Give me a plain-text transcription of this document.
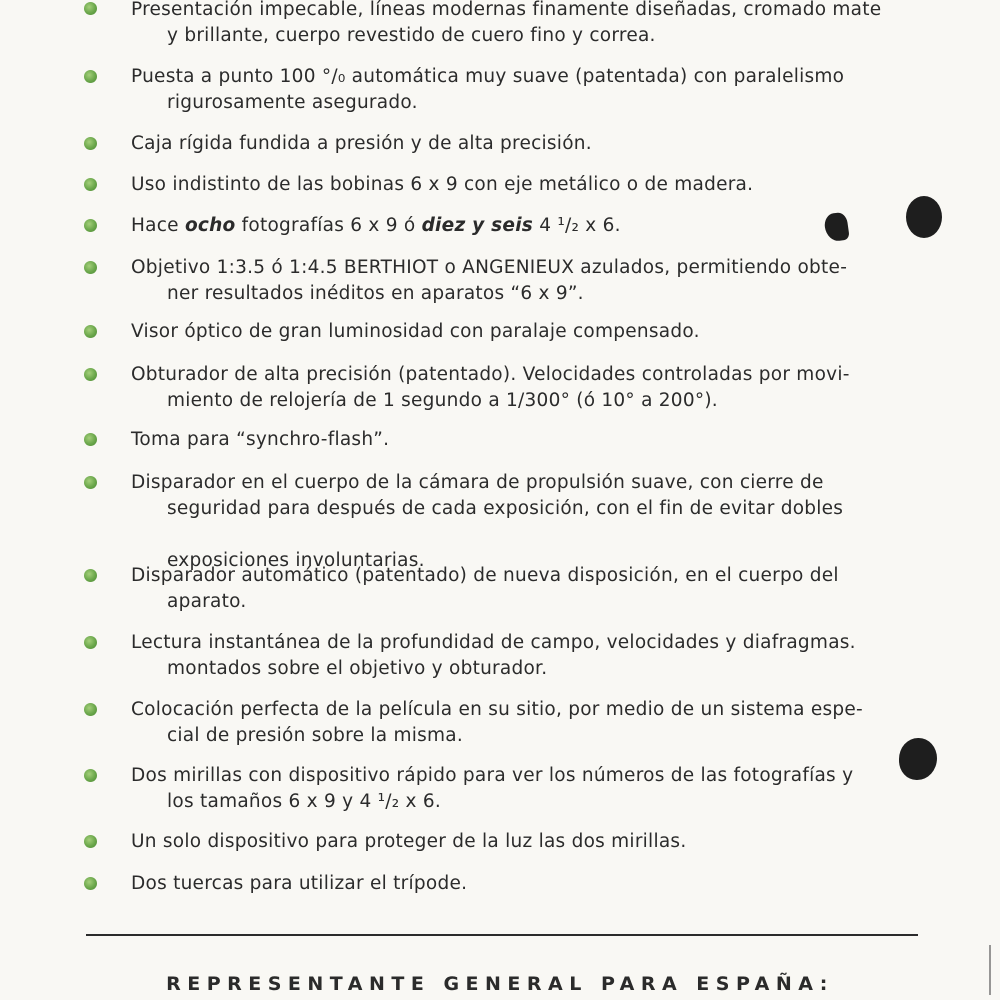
Presentación impecable, líneas modernas finamente diseñadas, cromado mate

y brillante, cuerpo revestido de cuero fino y correa.
Puesta a punto 100 °/₀ automática muy suave (patentada) con paralelismo

rigurosamente asegurado.
Caja rígida fundida a presión y de alta precisión.
Uso indistinto de las bobinas 6 x 9 con eje metálico o de madera.
Hace ocho fotografías 6 x 9 ó diez y seis 4 ¹/₂ x 6.
Objetivo 1:3.5 ó 1:4.5 BERTHIOT o ANGENIEUX azulados, permitiendo obte-

ner resultados inéditos en aparatos “6 x 9”.
Visor óptico de gran luminosidad con paralaje compensado.
Obturador de alta precisión (patentado). Velocidades controladas por movi-

miento de relojería de 1 segundo a 1/300° (ó 10° a 200°).
Toma para “synchro-flash”.
Disparador en el cuerpo de la cámara de propulsión suave, con cierre de

seguridad para después de cada exposición, con el fin de evitar dobles

exposiciones involuntarias.
Disparador automático (patentado) de nueva disposición, en el cuerpo del

aparato.
Lectura instantánea de la profundidad de campo, velocidades y diafragmas.

montados sobre el objetivo y obturador.
Colocación perfecta de la película en su sitio, por medio de un sistema espe-

cial de presión sobre la misma.
Dos mirillas con dispositivo rápido para ver los números de las fotografías y

los tamaños 6 x 9 y 4 ¹/₂ x 6.
Un solo dispositivo para proteger de la luz las dos mirillas.
Dos tuercas para utilizar el trípode.
REPRESENTANTE GENERAL PARA ESPAÑA:
